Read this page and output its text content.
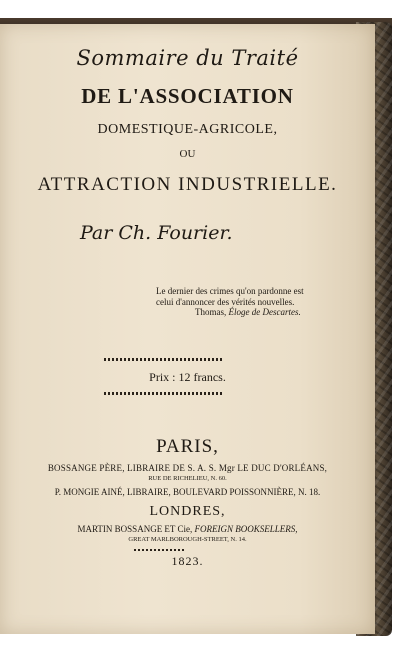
Sommaire du Traité
DE L'ASSOCIATION
DOMESTIQUE-AGRICOLE,
OU
ATTRACTION INDUSTRIELLE.
Par Ch. Fourier.
Le dernier des crimes qu'on pardonne est
celui d'annoncer des vérités nouvelles.
Thomas, Éloge de Descartes.
Prix : 12 francs.
PARIS,
BOSSANGE PÈRE, LIBRAIRE DE S. A. S. Mgr LE DUC D'ORLÉANS,
RUE DE RICHELIEU, N. 60.
P. MONGIE AINÉ, LIBRAIRE, BOULEVARD POISSONNIÈRE, N. 18.
LONDRES,
MARTIN BOSSANGE ET Cie, FOREIGN BOOKSELLERS,
GREAT MARLBOROUGH-STREET, N. 14.
1823.
